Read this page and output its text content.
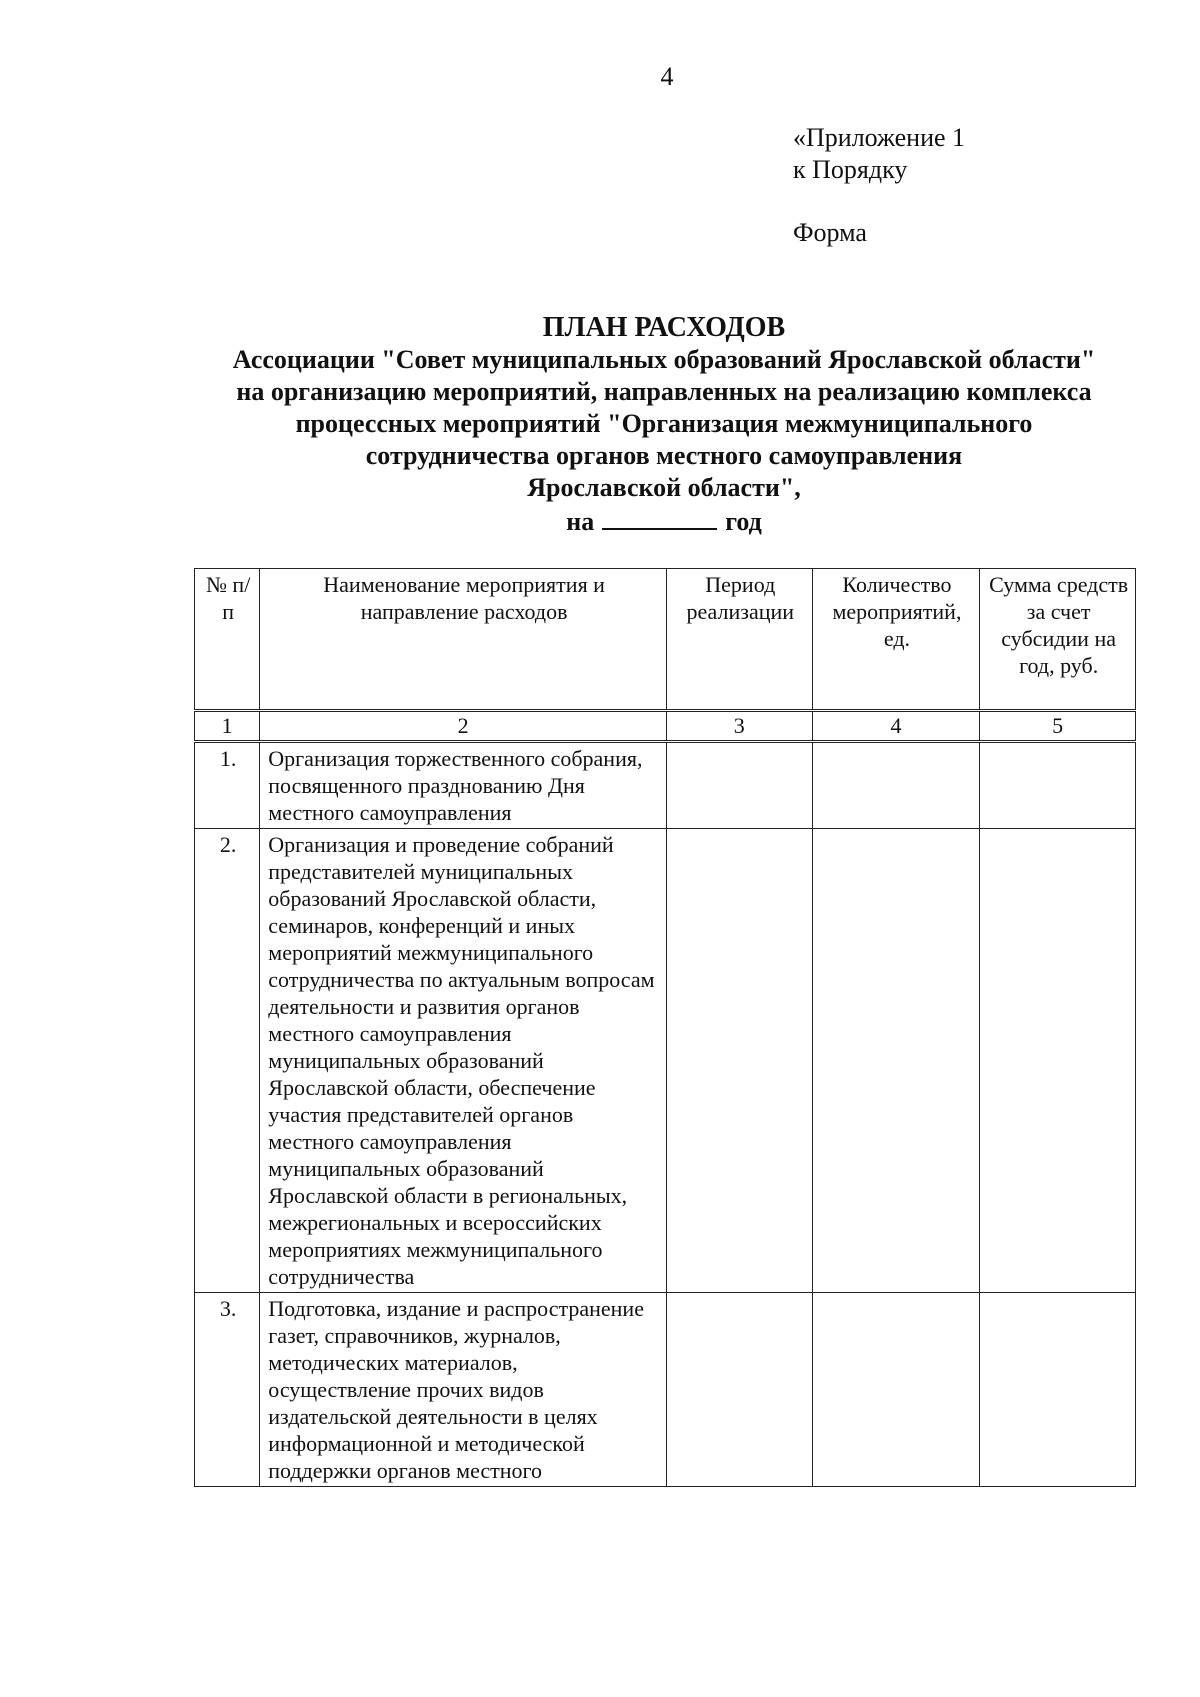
4
«Приложение 1
к Порядку
Форма
ПЛАН РАСХОДОВ
Ассоциации "Совет муниципальных образований Ярославской области"
на организацию мероприятий, направленных на реализацию комплекса
процессных мероприятий "Организация межмуниципального
сотрудничества органов местного самоуправления
Ярославской области",
на	год
№ п/п	Наименование мероприятия и направление расходов	Период реализации	Количество мероприятий, ед.	Сумма средств за счет субсидии на год, руб.
1	2	3	4	5
1.	Организация торжественного собрания, посвященного празднованию Дня местного самоуправления			
2.	Организация и проведение собраний представителей муниципальных образований Ярославской области, семинаров, конференций и иных мероприятий межмуниципального сотрудничества по актуальным вопросам деятельности и развития органов местного самоуправления муниципальных образований Ярославской области, обеспечение участия представителей органов местного самоуправления муниципальных образований Ярославской области в региональных, межрегиональных и всероссийских мероприятиях межмуниципального сотрудничества			
3.	Подготовка, издание и распространение газет, справочников, журналов, методических материалов, осуществление прочих видов издательской деятельности в целях информационной и методической поддержки органов местного			
